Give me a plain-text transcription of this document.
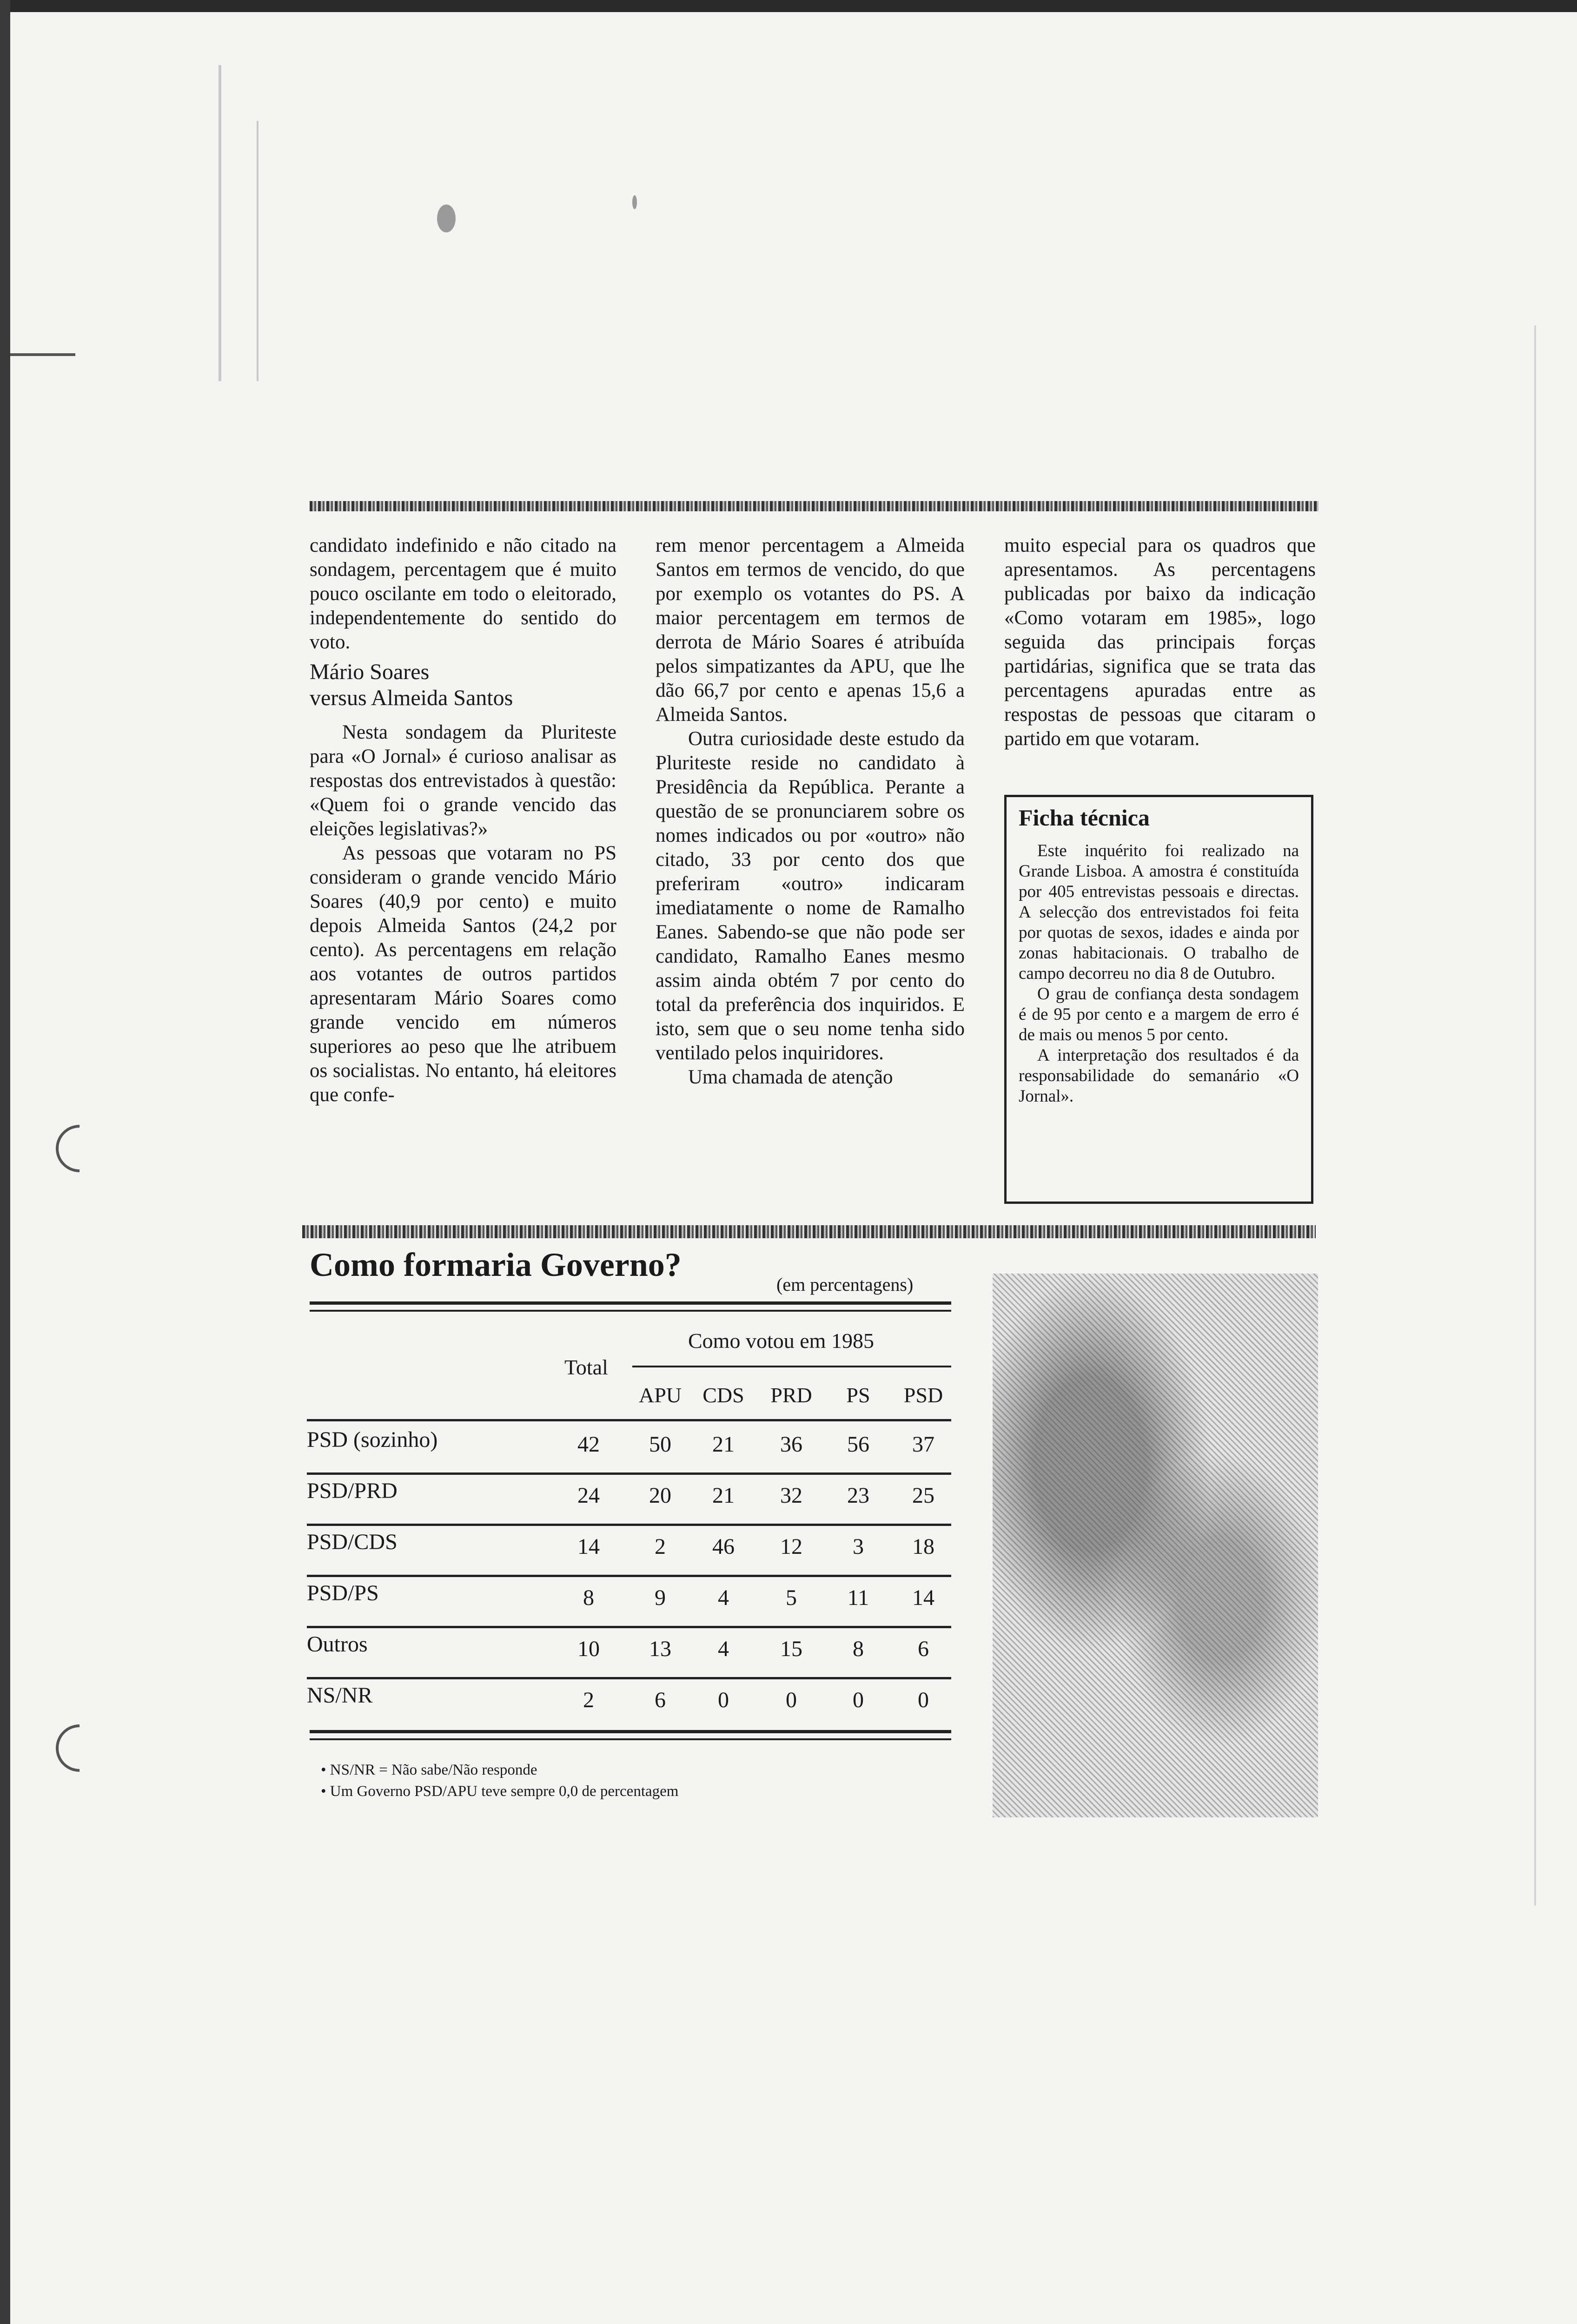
candidato indefinido e não citado na sondagem, percentagem que é muito pouco oscilante em todo o eleitorado, independentemente do sentido do voto.

Mário Soares
versus Almeida Santos

Nesta sondagem da Pluriteste para «O Jornal» é curioso analisar as respostas dos entrevistados à questão: «Quem foi o grande vencido das eleições legislativas?»

As pessoas que votaram no PS consideram o grande vencido Mário Soares (40,9 por cento) e muito depois Almeida Santos (24,2 por cento). As percentagens em relação aos votantes de outros partidos apresentaram Mário Soares como grande vencido em números superiores ao peso que lhe atribuem os socialistas. No entanto, há eleitores que confe-

rem menor percentagem a Almeida Santos em termos de vencido, do que por exemplo os votantes do PS. A maior percentagem em termos de derrota de Mário Soares é atribuída pelos simpatizantes da APU, que lhe dão 66,7 por cento e apenas 15,6 a Almeida Santos.

Outra curiosidade deste estudo da Pluriteste reside no candidato à Presidência da República. Perante a questão de se pronunciarem sobre os nomes indicados ou por «outro» não citado, 33 por cento dos que preferiram «outro» indicaram imediatamente o nome de Ramalho Eanes. Sabendo-se que não pode ser candidato, Ramalho Eanes mesmo assim ainda obtém 7 por cento do total da preferência dos inquiridos. E isto, sem que o seu nome tenha sido ventilado pelos inquiridores.

Uma chamada de atenção

muito especial para os quadros que apresentamos. As percentagens publicadas por baixo da indicação «Como votaram em 1985», logo seguida das principais forças partidárias, significa que se trata das percentagens apuradas entre as respostas de pessoas que citaram o partido em que votaram.

Ficha técnica

Este inquérito foi realizado na Grande Lisboa. A amostra é constituída por 405 entrevistas pessoais e directas. A selecção dos entrevistados foi feita por quotas de sexos, idades e ainda por zonas habitacionais. O trabalho de campo decorreu no dia 8 de Outubro.

O grau de confiança desta sondagem é de 95 por cento e a margem de erro é de mais ou menos 5 por cento.

A interpretação dos resultados é da responsabilidade do semanário «O Jornal».

Como formaria Governo?
(em percentagens)
Como votou em 1985
Total
APU CDS	PRD	PS	PSD
PSD (sozinho)	42	50	21	36	56	37
PSD/PRD	24	20	21	32	23	25
PSD/CDS	14	2	46	12	3	18
PSD/PS	8	9	4	5	11	14
Outros	10	13	4	15	8	6
NS/NR	2	6	0	0	0	0
• NS/NR = Não sabe/Não responde
• Um Governo PSD/APU teve sempre 0,0 de percentagem
